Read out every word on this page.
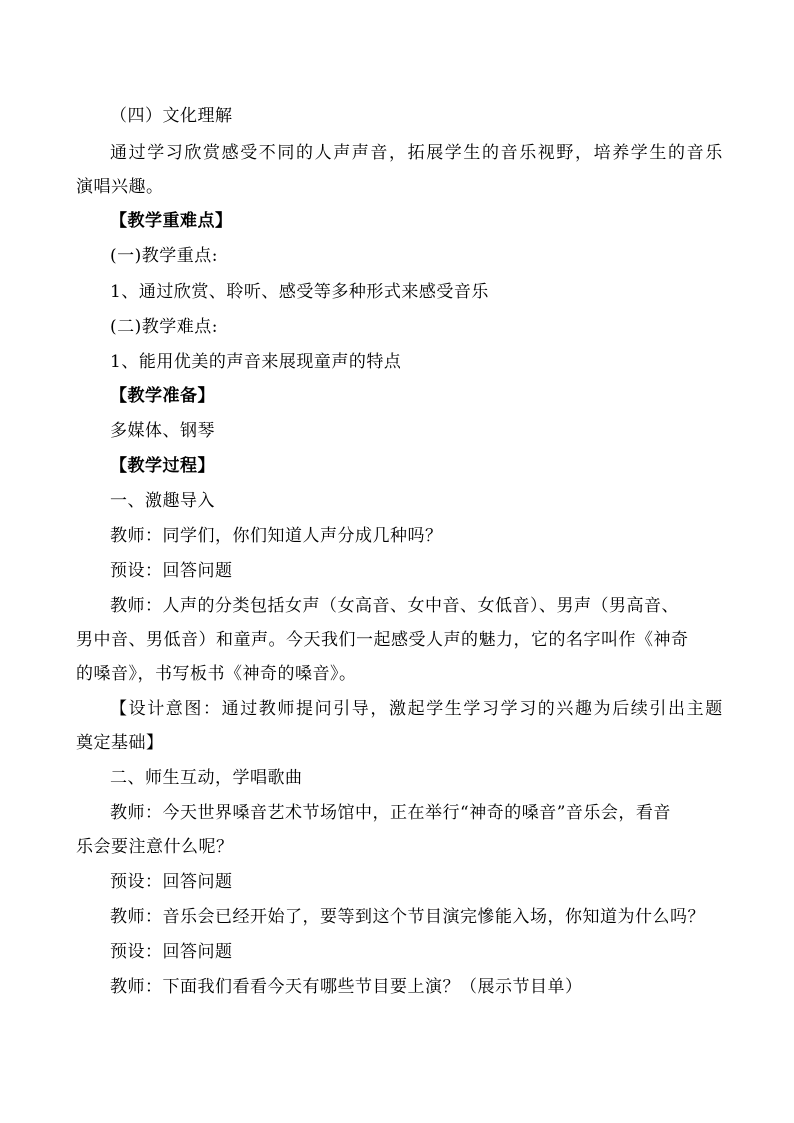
（四）文化理解
通过学习欣赏感受不同的人声声音，拓展学生的音乐视野，培养学生的音乐
演唱兴趣。
【教学重难点】
(一)教学重点:
1、通过欣赏、聆听、感受等多种形式来感受音乐
(二)教学难点:
1、能用优美的声音来展现童声的特点
【教学准备】
多媒体、钢琴
【教学过程】
一、激趣导入
教师：同学们，你们知道人声分成几种吗？
预设：回答问题
教师：人声的分类包括女声（女高音、女中音、女低音）、男声（男高音、
男中音、男低音）和童声。今天我们一起感受人声的魅力，它的名字叫作《神奇
的嗓音》，书写板书《神奇的嗓音》。
【设计意图：通过教师提问引导，激起学生学习学习的兴趣为后续引出主题
奠定基础】
二、师生互动，学唱歌曲
教师：今天世界嗓音艺术节场馆中，正在举行“神奇的嗓音”音乐会，看音
乐会要注意什么呢？
预设：回答问题
教师：音乐会已经开始了，要等到这个节目演完慘能入场，你知道为什么吗？
预设：回答问题
教师：下面我们看看今天有哪些节目要上演？（展示节目单）
